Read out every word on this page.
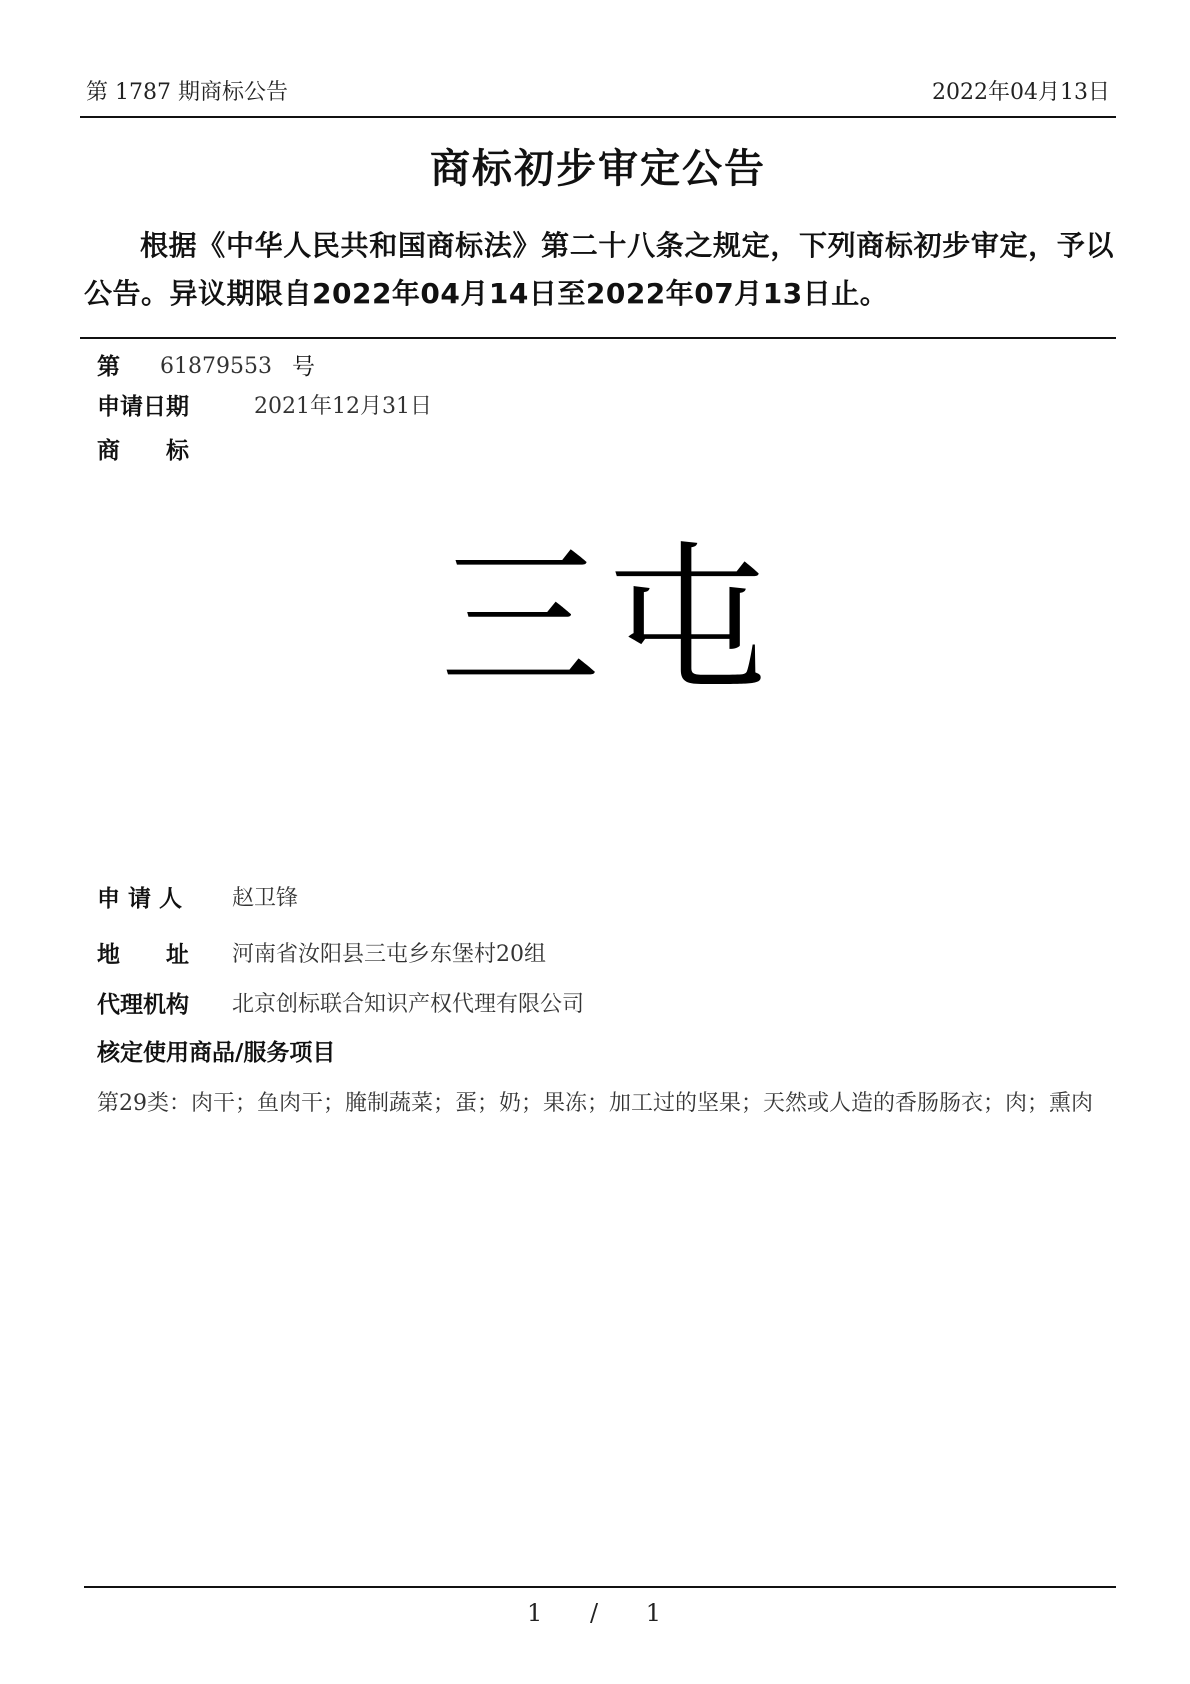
第 1787 期商标公告	2022年04月13日
商标初步审定公告
根据《中华人民共和国商标法》第二十八条之规定，下列商标初步审定，予以公告。异议期限自2022年04月14日至2022年07月13日止。
第 61879553 号
申请日期	2021年12月31日
商　　标
三屯
申 请 人 赵卫锋
地　　址 河南省汝阳县三屯乡东堡村20组
代理机构 北京创标联合知识产权代理有限公司
核定使用商品/服务项目
第29类：肉干；鱼肉干；腌制蔬菜；蛋；奶；果冻；加工过的坚果；天然或人造的香肠肠衣；肉；熏肉
1 / 1
